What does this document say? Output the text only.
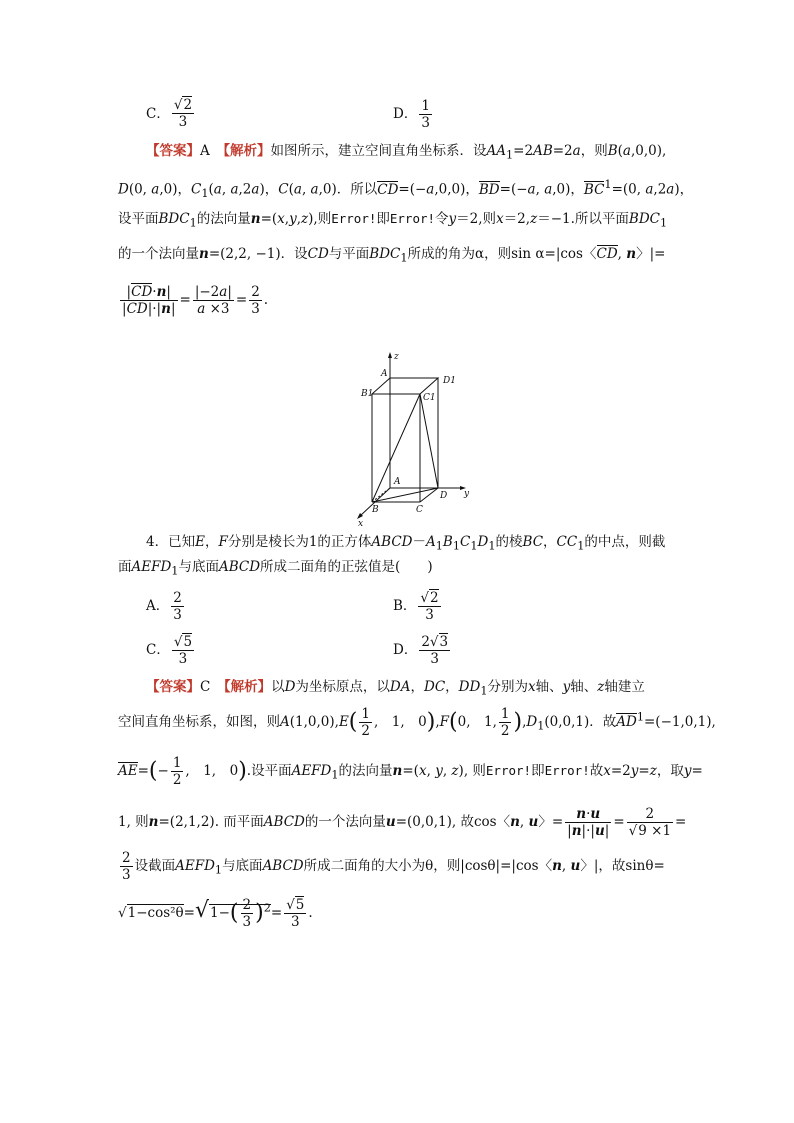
C． $\frac{√2}{3}$	D． $\frac{1}{3}$
【答案】A　 【解析】如图所示，建立空间直角坐标系．设$AA_1=2AB=2a$，则B(a,0,0),
D(0, a,0)，$C_1(a$, a,2a)，C(a, a,0)．所以CD=(−a,0,0)，BD=(−a, a,0)，$BC^1=(0$, a,2a)，
设平面$BDC_1$的法向量n=(x,y,z),则Error!即Error!令y＝2,则x＝2,z＝−1.所以平面$BDC_1$
的一个法向量n=(2,2, −1)．设CD与平面$BDC_1$所成的角为α，则sin α=|cos〈CD, n〉|=
$\frac{|CD\cdot n|}{|CD|\cdot|n|} = \frac{|-2a|}{a \times 3} = \frac{2}{3}$ .
z
A
D1
B1	C1
A
B	C
D y
x
4．已知E，F分别是棱长为1的正方体$ABCD-A_1B_1C_1D_1$的棱BC，$CC_1$的中点，则截
面$AEFD_1$与底面ABCD所成二面角的正弦值是(　　)
A． $\frac{2}{3}$	B． $\frac{√2}{3}$
C． $\frac{√5}{3}$	D． $\frac{2√3}{3}$
【答案】C　 【解析】以D为坐标原点，以DA，DC，$DD_1$分别为x轴、y轴、z轴建立
空间直角坐标系，如图，则$A(1,0,0),E( \frac{1}{2}$ ,　1,　0),F(0,　1, $\frac{1}{2} ),D_1(0,0,1)$．故$AD^1=(-1,0,1)$,
$AE=(- \frac{1}{2}$ ,　1,　0).设平面$AEFD_1$的法向量n=(x, y, z), 则Error!即Error!故x=2y=z，取y=
1, 则n=(2,1,2). 而平面ABCD的一个法向量u=(0,0,1), 故cos〈n, u〉= $\frac{n\cdot u}{|n|\cdot|u|} = \frac{2}{√9 \times 1}$ =
$\frac{2}{3}$ 设截面$AEFD_1$与底面ABCD所成二面角的大小为θ，则|cosθ|=|cos〈n, u〉|，故sinθ=
$√1-\cos^2\theta=√1-( \frac{2}{3} )^2= \frac{√5}{3}$ .
